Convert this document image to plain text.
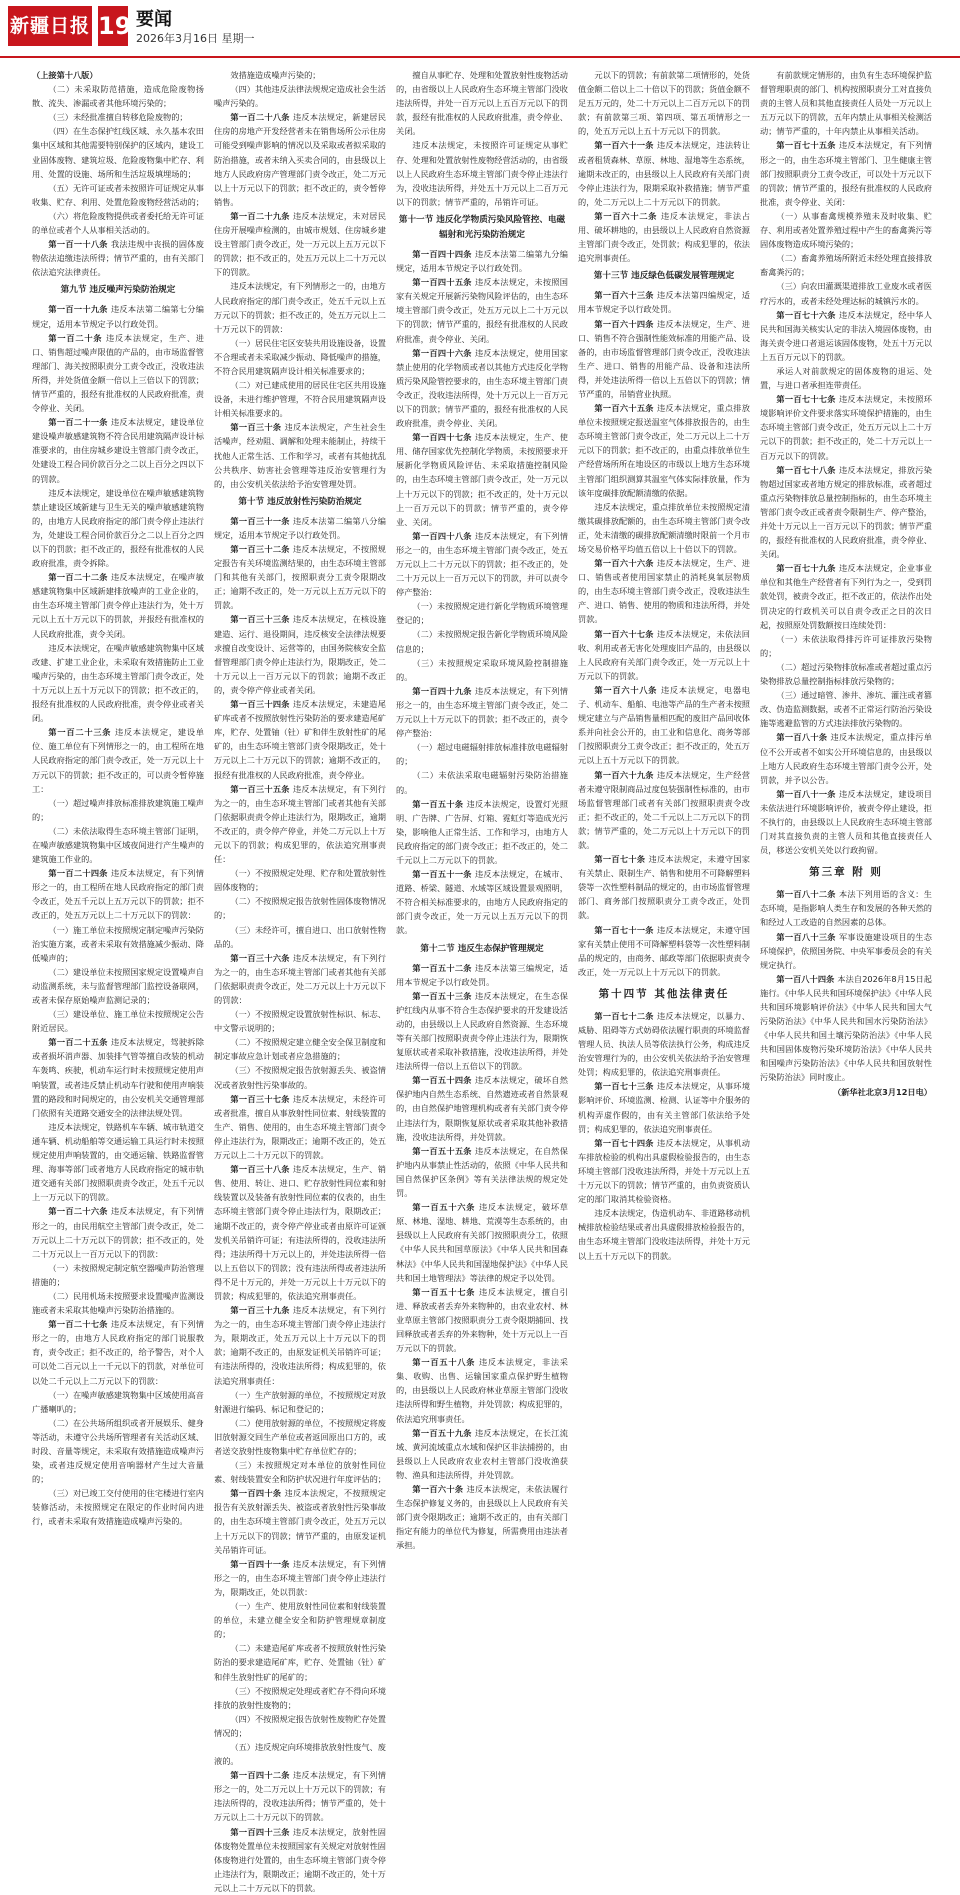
新疆日报 19 要闻
2026年3月16日 星期一

（上接第十八版）

（二）未采取防范措施，造成危险废物扬散、流失、渗漏或者其他环境污染的；

（三）未经批准擅自转移危险废物的；

（四）在生态保护红线区域、永久基本农田集中区域和其他需要特别保护的区域内，建设工业固体废物、建筑垃圾、危险废物集中贮存、利用、处置的设施、场所和生活垃圾填埋场的；

（五）无许可证或者未按照许可证规定从事收集、贮存、利用、处置危险废物经营活动的；

（六）将危险废物提供或者委托给无许可证的单位或者个人从事相关活动的。

第一百一十八条 我法违规中丧损的固体废物依法追缴违法所得；情节严重的，由有关部门依法追究法律责任。

第九节 违反噪声污染防治规定

第一百一十九条 违反本法第二编第七分编规定，适用本节规定予以行政处罚。

第一百二十条 违反本法规定，生产、进口、销售超过噪声限值的产品的，由市场监督管理部门、海关按照职责分工责令改正，没收违法所得，并处货值金额一倍以上三倍以下的罚款；情节严重的，报经有批准权的人民政府批准，责令停业、关闭。

第一百二十一条 违反本法规定，建设单位建设噪声敏感建筑物不符合民用建筑隔声设计标准要求的，由住房城乡建设主管部门责令改正，处建设工程合同价款百分之二以上百分之四以下的罚款。

违反本法规定，建设单位在噪声敏感建筑物禁止建设区域新建与卫生无关的噪声敏感建筑物的，由地方人民政府指定的部门责令停止违法行为，处建设工程合同价款百分之二以上百分之四以下的罚款；拒不改正的，报经有批准权的人民政府批准，责令拆除。

第一百二十二条 违反本法规定，在噪声敏感建筑物集中区域新建排放噪声的工业企业的，由生态环境主管部门责令停止违法行为，处十万元以上五十万元以下的罚款，并报经有批准权的人民政府批准，责令关闭。

违反本法规定，在噪声敏感建筑物集中区域改建、扩建工业企业，未采取有效措施防止工业噪声污染的，由生态环境主管部门责令改正，处十万元以上五十万元以下的罚款；拒不改正的，报经有批准权的人民政府批准，责令停业或者关闭。

第一百二十三条 违反本法规定，建设单位、施工单位有下列情形之一的，由工程所在地人民政府指定的部门责令改正，处一万元以上十万元以下的罚款；拒不改正的，可以责令暂停施工：

（一）超过噪声排放标准排放建筑施工噪声的；

（二）未依法取得生态环境主管部门证明，在噪声敏感建筑物集中区域夜间进行产生噪声的建筑施工作业的。

第一百二十四条 违反本法规定，有下列情形之一的，由工程所在地人民政府指定的部门责令改正，处五千元以上五万元以下的罚款；拒不改正的，处五万元以上二十万元以下的罚款：

（一）施工单位未按照规定制定噪声污染防治实施方案，或者未采取有效措施减少振动、降低噪声的；

（二）建设单位未按照国家规定设置噪声自动监测系统，未与监督管理部门监控设备联网，或者未保存原始噪声监测记录的；

（三）建设单位、施工单位未按照规定公告附近居民。

第一百二十五条 违反本法规定，驾驶拆除或者损坏消声器、加装排气管等擅自改装的机动车轰鸣、疾驶，机动车运行时未按照规定使用声响装置，或者违反禁止机动车行驶和使用声响装置的路段和时间规定的，由公安机关交通管理部门依照有关道路交通安全的法律法规处罚。

违反本法规定，铁路机车车辆、城市轨道交通车辆、机动船舶等交通运输工具运行时未按照规定使用声响装置的，由交通运输、铁路监督管理、海事等部门或者地方人民政府指定的城市轨道交通有关部门按照职责责令改正，处五千元以上一万元以下的罚款。

第一百二十六条 违反本法规定，有下列情形之一的，由民用航空主管部门责令改正，处二万元以上二十万元以下的罚款；拒不改正的，处二十万元以上一百万元以下的罚款：

（一）未按照规定制定航空器噪声防治管理措施的；

（二）民用机场未按照要求设置噪声监测设施或者未采取其他噪声污染防治措施的。

第一百二十七条 违反本法规定，有下列情形之一的，由地方人民政府指定的部门说服教育，责令改正；拒不改正的，给予警告，对个人可以处二百元以上一千元以下的罚款，对单位可以处二千元以上二万元以下的罚款：

（一）在噪声敏感建筑物集中区域使用高音广播喇叭的；

（二）在公共场所组织或者开展娱乐、健身等活动，未遵守公共场所管理者有关活动区域、时段、音量等规定，未采取有效措施造成噪声污染，或者违反规定使用音响器材产生过大音量的；

（三）对已竣工交付使用的住宅楼进行室内装修活动，未按照规定在限定的作业时间内进行，或者未采取有效措施造成噪声污染的。

效措施造成噪声污染的；

（四）其他违反法律法规规定造成社会生活噪声污染的。

第一百二十八条 违反本法规定，新建居民住房的房地产开发经营者未在销售场所公示住房可能受到噪声影响的情况以及采取或者拟采取的防治措施，或者未纳入买卖合同的，由县级以上地方人民政府房产管理部门责令改正，处二万元以上十万元以下的罚款；拒不改正的，责令暂停销售。

第一百二十九条 违反本法规定，未对居民住房开展噪声检测的，由城市规划、住房城乡建设主管部门责令改正，处一万元以上五万元以下的罚款；拒不改正的，处五万元以上二十万元以下的罚款。

违反本法规定，有下列情形之一的，由地方人民政府指定的部门责令改正，处五千元以上五万元以下的罚款；拒不改正的，处五万元以上二十万元以下的罚款：

（一）居民住宅区安装共用设施设备，设置不合理或者未采取减少振动、降低噪声的措施，不符合民用建筑隔声设计相关标准要求的；

（二）对已建成使用的居民住宅区共用设施设备，未进行维护管理，不符合民用建筑隔声设计相关标准要求的。

第一百三十条 违反本法规定，产生社会生活噪声，经劝阻、调解和处理未能制止，持续干扰他人正常生活、工作和学习，或者有其他扰乱公共秩序、妨害社会管理等违反治安管理行为的，由公安机关依法给予治安管理处罚。

第十节 违反放射性污染防治规定

第一百三十一条 违反本法第二编第八分编规定，适用本节规定予以行政处罚。

第一百三十二条 违反本法规定，不按照规定报告有关环境监测结果的，由生态环境主管部门和其他有关部门，按照职责分工责令限期改正；逾期不改正的，处一万元以上五万元以下的罚款。

第一百三十三条 违反本法规定，在核设施建造、运行、退役期间，违反核安全法律法规要求擅自改变设计、运营等的，由国务院核安全监督管理部门责令停止违法行为，限期改正，处二十万元以上一百万元以下的罚款；逾期不改正的，责令停产停业或者关闭。

第一百三十四条 违反本法规定，未建造尾矿库或者不按照放射性污染防治的要求建造尾矿库，贮存、处置铀（钍）矿和伴生放射性矿的尾矿的，由生态环境主管部门责令限期改正，处十万元以上二十万元以下的罚款；逾期不改正的，报经有批准权的人民政府批准，责令停业。

第一百三十五条 违反本法规定，有下列行为之一的，由生态环境主管部门或者其他有关部门依据职责责令停止违法行为，限期改正，逾期不改正的，责令停产停业，并处二万元以上十万元以下的罚款；构成犯罪的，依法追究刑事责任：

（一）不按照规定处理、贮存和处置放射性固体废物的；

（二）不按照规定报告放射性固体废物情况的；

（三）未经许可，擅自进口、出口放射性物品的。

第一百三十六条 违反本法规定，有下列行为之一的，由生态环境主管部门或者其他有关部门依据职责责令改正，处二万元以上十万元以下的罚款：

（一）不按照规定设置放射性标识、标志、中文警示说明的；

（二）不按照规定建立健全安全保卫制度和制定事故应急计划或者应急措施的；

（三）不按照规定报告放射源丢失、被盗情况或者放射性污染事故的。

第一百三十七条 违反本法规定，未经许可或者批准，擅自从事放射性同位素、射线装置的生产、销售、使用的，由生态环境主管部门责令停止违法行为，限期改正；逾期不改正的，处五万元以上二十万元以下的罚款。

第一百三十八条 违反本法规定，生产、销售、使用、转让、进口、贮存放射性同位素和射线装置以及装备有放射性同位素的仪表的，由生态环境主管部门责令停止违法行为，限期改正；逾期不改正的，责令停产停业或者由原许可证颁发机关吊销许可证；有违法所得的，没收违法所得；违法所得十万元以上的，并处违法所得一倍以上五倍以下的罚款；没有违法所得或者违法所得不足十万元的，并处一万元以上十万元以下的罚款；构成犯罪的，依法追究刑事责任。

第一百三十九条 违反本法规定，有下列行为之一的，由生态环境主管部门责令停止违法行为，限期改正，处五万元以上十万元以下的罚款；逾期不改正的，由原发证机关吊销许可证；有违法所得的，没收违法所得；构成犯罪的，依法追究刑事责任：

（一）生产放射源的单位，不按照规定对放射源进行编码、标记和登记的；

（二）使用放射源的单位，不按照规定将废旧放射源交回生产单位或者返回原出口方的，或者送交放射性废物集中贮存单位贮存的；

（三）未按照规定对本单位的放射性同位素、射线装置安全和防护状况进行年度评估的；

第一百四十条 违反本法规定，不按照规定报告有关放射源丢失、被盗或者放射性污染事故的，由生态环境主管部门责令改正，处五万元以上十万元以下的罚款；情节严重的，由原发证机关吊销许可证。

第一百四十一条 违反本法规定，有下列情形之一的，由生态环境主管部门责令停止违法行为，限期改正，处以罚款：

（一）生产、使用放射性同位素和射线装置的单位，未建立健全安全和防护管理规章制度的；

（二）未建造尾矿库或者不按照放射性污染防治的要求建造尾矿库，贮存、处置铀（钍）矿和伴生放射性矿的尾矿的；

（三）不按照规定处理或者贮存不得向环境排放的放射性废物的；

（四）不按照规定报告放射性废物贮存处置情况的；

（五）违反规定向环境排放放射性废气、废液的。

第一百四十二条 违反本法规定，有下列情形之一的，处二万元以上十万元以下的罚款；有违法所得的，没收违法所得；情节严重的，处十万元以上二十万元以下的罚款。

第一百四十三条 违反本法规定，放射性固体废物处置单位未按照国家有关规定对放射性固体废物进行处置的，由生态环境主管部门责令停止违法行为，限期改正；逾期不改正的，处十万元以上二十万元以下的罚款。

擅自从事贮存、处理和处置放射性废物活动的，由省级以上人民政府生态环境主管部门没收违法所得，并处一百万元以上五百万元以下的罚款，报经有批准权的人民政府批准，责令停业、关闭。

违反本法规定，未按照许可证规定从事贮存、处理和处置放射性废物经营活动的，由省级以上人民政府生态环境主管部门责令停止违法行为，没收违法所得，并处五十万元以上二百万元以下的罚款；情节严重的，吊销许可证。

第十一节 违反化学物质污染风险管控、电磁辐射和光污染防治规定

第一百四十四条 违反本法第二编第九分编规定，适用本节规定予以行政处罚。

第一百四十五条 违反本法规定，未按照国家有关规定开展新污染物风险评估的，由生态环境主管部门责令改正，处五万元以上二十万元以下的罚款；情节严重的，报经有批准权的人民政府批准，责令停业、关闭。

第一百四十六条 违反本法规定，使用国家禁止使用的化学物质或者以其他方式违反化学物质污染风险管控要求的，由生态环境主管部门责令改正，没收违法所得，处十万元以上一百万元以下的罚款；情节严重的，报经有批准权的人民政府批准，责令停业、关闭。

第一百四十七条 违反本法规定，生产、使用、储存国家优先控制化学物质，未按照要求开展新化学物质风险评估、未采取措施控制风险的，由生态环境主管部门责令改正，处一万元以上十万元以下的罚款；拒不改正的，处十万元以上一百万元以下的罚款；情节严重的，责令停业、关闭。

第一百四十八条 违反本法规定，有下列情形之一的，由生态环境主管部门责令改正，处五万元以上二十万元以下的罚款；拒不改正的，处二十万元以上一百万元以下的罚款，并可以责令停产整治：

（一）未按照规定进行新化学物质环境管理登记的；

（二）未按照规定报告新化学物质环境风险信息的；

（三）未按照规定采取环境风险控制措施的。

第一百四十九条 违反本法规定，有下列情形之一的，由生态环境主管部门责令改正，处二万元以上十万元以下的罚款；拒不改正的，责令停产整治：

（一）超过电磁辐射排放标准排放电磁辐射的；

（二）未依法采取电磁辐射污染防治措施的。

第一百五十条 违反本法规定，设置灯光照明、广告牌、广告屏、灯箱、霓虹灯等造成光污染，影响他人正常生活、工作和学习，由地方人民政府指定的部门责令改正；拒不改正的，处二千元以上二万元以下的罚款。

第一百五十一条 违反本法规定，在城市、道路、桥梁、隧道、水域等区域设置景观照明，不符合相关标准要求的，由地方人民政府指定的部门责令改正，处一万元以上五万元以下的罚款。

第十二节 违反生态保护管理规定

第一百五十二条 违反本法第三编规定，适用本节规定予以行政处罚。

第一百五十三条 违反本法规定，在生态保护红线内从事不符合生态保护要求的开发建设活动的，由县级以上人民政府自然资源、生态环境等有关部门按照职责责令停止违法行为，限期恢复原状或者采取补救措施，没收违法所得，并处违法所得一倍以上五倍以下的罚款。

第一百五十四条 违反本法规定，破坏自然保护地内自然生态系统、自然遗迹或者自然景观的，由自然保护地管理机构或者有关部门责令停止违法行为，限期恢复原状或者采取其他补救措施，没收违法所得，并处罚款。

第一百五十五条 违反本法规定，在自然保护地内从事禁止性活动的，依照《中华人民共和国自然保护区条例》等有关法律法规的规定处罚。

第一百五十六条 违反本法规定，破坏草原、林地、湿地、耕地、荒漠等生态系统的，由县级以上人民政府有关部门按照职责分工，依照《中华人民共和国草原法》《中华人民共和国森林法》《中华人民共和国湿地保护法》《中华人民共和国土地管理法》等法律的规定予以处罚。

第一百五十七条 违反本法规定，擅自引进、释放或者丢弃外来物种的，由农业农村、林业草原主管部门按照职责分工责令限期捕回、找回释放或者丢弃的外来物种，处十万元以上一百万元以下的罚款。

第一百五十八条 违反本法规定，非法采集、收购、出售、运输国家重点保护野生植物的，由县级以上人民政府林业草原主管部门没收违法所得和野生植物，并处罚款；构成犯罪的，依法追究刑事责任。

第一百五十九条 违反本法规定，在长江流域、黄河流域重点水域和保护区非法捕捞的，由县级以上人民政府农业农村主管部门没收渔获物、渔具和违法所得，并处罚款。

第一百六十条 违反本法规定，未依法履行生态保护修复义务的，由县级以上人民政府有关部门责令限期改正；逾期不改正的，由有关部门指定有能力的单位代为修复，所需费用由违法者承担。

元以下的罚款；有前款第二项情形的，处货值金额二倍以上二十倍以下的罚款；货值金额不足五万元的，处二十万元以上二百万元以下的罚款；有前款第三项、第四项、第五项情形之一的，处五万元以上五十万元以下的罚款。

第一百六十一条 违反本法规定，违法转让或者租赁森林、草原、林地、湿地等生态系统，逾期未改正的，由县级以上人民政府有关部门责令停止违法行为，限期采取补救措施；情节严重的，处二万元以上二十万元以下的罚款。

第一百六十二条 违反本法规定，非法占用、破坏耕地的，由县级以上人民政府自然资源主管部门责令改正，处罚款；构成犯罪的，依法追究刑事责任。

第十三节 违反绿色低碳发展管理规定

第一百六十三条 违反本法第四编规定，适用本节规定予以行政处罚。

第一百六十四条 违反本法规定，生产、进口、销售不符合强制性能效标准的用能产品、设备的，由市场监督管理部门责令改正，没收违法生产、进口、销售的用能产品、设备和违法所得，并处违法所得一倍以上五倍以下的罚款；情节严重的，吊销营业执照。

第一百六十五条 违反本法规定，重点排放单位未按照规定报送温室气体排放报告的，由生态环境主管部门责令改正，处二万元以上二十万元以下的罚款；拒不改正的，由重点排放单位生产经营场所所在地设区的市级以上地方生态环境主管部门组织测算其温室气体实际排放量，作为该年度碳排放配额清缴的依据。

违反本法规定，重点排放单位未按照规定清缴其碳排放配额的，由生态环境主管部门责令改正，处未清缴的碳排放配额清缴时限前一个月市场交易价格平均值五倍以上十倍以下的罚款。

第一百六十六条 违反本法规定，生产、进口、销售或者使用国家禁止的消耗臭氧层物质的，由生态环境主管部门责令改正，没收违法生产、进口、销售、使用的物质和违法所得，并处罚款。

第一百六十七条 违反本法规定，未依法回收、利用或者无害化处理废旧产品的，由县级以上人民政府有关部门责令改正，处一万元以上十万元以下的罚款。

第一百六十八条 违反本法规定，电器电子、机动车、船舶、电池等产品的生产者未按照规定建立与产品销售量相匹配的废旧产品回收体系并向社会公开的，由工业和信息化、商务等部门按照职责分工责令改正；拒不改正的，处五万元以上五十万元以下的罚款。

第一百六十九条 违反本法规定，生产经营者未遵守限制商品过度包装强制性标准的，由市场监督管理部门或者有关部门按照职责责令改正；拒不改正的，处二千元以上二万元以下的罚款；情节严重的，处二万元以上十万元以下的罚款。

第一百七十条 违反本法规定，未遵守国家有关禁止、限制生产、销售和使用不可降解塑料袋等一次性塑料制品的规定的，由市场监督管理部门、商务部门按照职责分工责令改正，处罚款。

第一百七十一条 违反本法规定，未遵守国家有关禁止使用不可降解塑料袋等一次性塑料制品的规定的，由商务、邮政等部门依据职责责令改正，处一万元以上十万元以下的罚款。

第十四节 其他法律责任

第一百七十二条 违反本法规定，以暴力、威胁、阻碍等方式妨碍依法履行职责的环境监督管理人员、执法人员等依法执行公务，构成违反治安管理行为的，由公安机关依法给予治安管理处罚；构成犯罪的，依法追究刑事责任。

第一百七十三条 违反本法规定，从事环境影响评价、环境监测、检测、认证等中介服务的机构弄虚作假的，由有关主管部门依法给予处罚；构成犯罪的，依法追究刑事责任。

第一百七十四条 违反本法规定，从事机动车排放检验的机构出具虚假检验报告的，由生态环境主管部门没收违法所得，并处十万元以上五十万元以下的罚款；情节严重的，由负责资质认定的部门取消其检验资格。

违反本法规定，伪造机动车、非道路移动机械排放检验结果或者出具虚假排放检验报告的，由生态环境主管部门没收违法所得，并处十万元以上五十万元以下的罚款。

有前款规定情形的，由负有生态环境保护监督管理职责的部门、机构按照职责分工对直接负责的主管人员和其他直接责任人员处一万元以上五万元以下的罚款，五年内禁止从事相关检测活动；情节严重的，十年内禁止从事相关活动。

第一百七十五条 违反本法规定，有下列情形之一的，由生态环境主管部门、卫生健康主管部门按照职责分工责令改正，可以处十万元以下的罚款；情节严重的，报经有批准权的人民政府批准，责令停业、关闭：

（一）从事畜禽规模养殖未及时收集、贮存、利用或者处置养殖过程中产生的畜禽粪污等固体废物造成环境污染的；

（二）畜禽养殖场所附近未经处理直接排放畜禽粪污的；

（三）向农田灌溉渠道排放工业废水或者医疗污水的，或者未经处理达标的城镇污水的。

第一百七十六条 违反本法规定，经中华人民共和国海关核实认定的非法入境固体废物，由海关责令进口者退运该固体废物，处五十万元以上五百万元以下的罚款。

承运人对前款规定的固体废物的退运、处置，与进口者承担连带责任。

第一百七十七条 违反本法规定，未按照环境影响评价文件要求落实环境保护措施的，由生态环境主管部门责令改正，处五万元以上二十万元以下的罚款；拒不改正的，处二十万元以上一百万元以下的罚款。

第一百七十八条 违反本法规定，排放污染物超过国家或者地方规定的排放标准，或者超过重点污染物排放总量控制指标的，由生态环境主管部门责令改正或者责令限制生产、停产整治，并处十万元以上一百万元以下的罚款；情节严重的，报经有批准权的人民政府批准，责令停业、关闭。

第一百七十九条 违反本法规定，企业事业单位和其他生产经营者有下列行为之一，受到罚款处罚，被责令改正，拒不改正的，依法作出处罚决定的行政机关可以自责令改正之日的次日起，按照原处罚数额按日连续处罚：

（一）未依法取得排污许可证排放污染物的；

（二）超过污染物排放标准或者超过重点污染物排放总量控制指标排放污染物的；

（三）通过暗管、渗井、渗坑、灌注或者篡改、伪造监测数据，或者不正常运行防治污染设施等逃避监管的方式违法排放污染物的。

第一百八十条 违反本法规定，重点排污单位不公开或者不如实公开环境信息的，由县级以上地方人民政府生态环境主管部门责令公开，处罚款，并予以公告。

第一百八十一条 违反本法规定，建设项目未依法进行环境影响评价，被责令停止建设，拒不执行的，由县级以上人民政府生态环境主管部门对其直接负责的主管人员和其他直接责任人员，移送公安机关处以行政拘留。

第三章 附 则

第一百八十二条 本法下列用语的含义：生态环境，是指影响人类生存和发展的各种天然的和经过人工改造的自然因素的总体。

第一百八十三条 军事设施建设项目的生态环境保护，依照国务院、中央军事委员会的有关规定执行。

第一百八十四条 本法自2026年8月15日起施行。《中华人民共和国环境保护法》《中华人民共和国环境影响评价法》《中华人民共和国大气污染防治法》《中华人民共和国水污染防治法》《中华人民共和国土壤污染防治法》《中华人民共和国固体废物污染环境防治法》《中华人民共和国噪声污染防治法》《中华人民共和国放射性污染防治法》同时废止。

（新华社北京3月12日电）
